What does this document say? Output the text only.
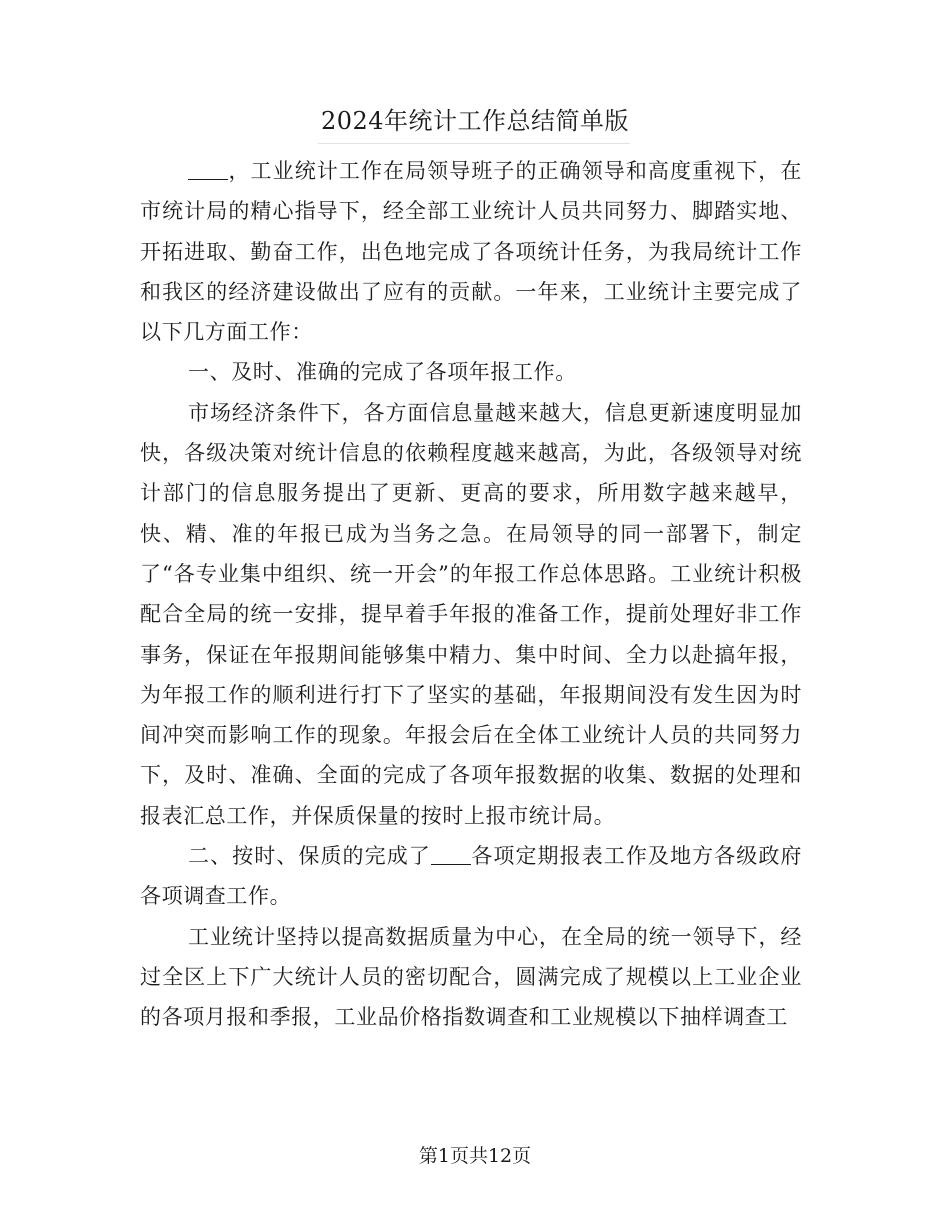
2024年统计工作总结简单版

，工业统计工作在局领导班子的正确领导和高度重视下，在市统计局的精心指导下，经全部工业统计人员共同努力、脚踏实地、开拓进取、勤奋工作，出色地完成了各项统计任务，为我局统计工作和我区的经济建设做出了应有的贡献。一年来，工业统计主要完成了以下几方面工作：

一、及时、准确的完成了各项年报工作。

市场经济条件下，各方面信息量越来越大，信息更新速度明显加快，各级决策对统计信息的依赖程度越来越高，为此，各级领导对统计部门的信息服务提出了更新、更高的要求，所用数字越来越早，快、精、准的年报已成为当务之急。在局领导的同一部署下，制定了“各专业集中组织、统一开会”的年报工作总体思路。工业统计积极配合全局的统一安排，提早着手年报的准备工作，提前处理好非工作事务，保证在年报期间能够集中精力、集中时间、全力以赴搞年报，为年报工作的顺利进行打下了坚实的基础，年报期间没有发生因为时间冲突而影响工作的现象。年报会后在全体工业统计人员的共同努力下，及时、准确、全面的完成了各项年报数据的收集、数据的处理和报表汇总工作，并保质保量的按时上报市统计局。

二、按时、保质的完成了 各项定期报表工作及地方各级政府各项调查工作。

工业统计坚持以提高数据质量为中心，在全局的统一领导下，经过全区上下广大统计人员的密切配合，圆满完成了规模以上工业企业的各项月报和季报，工业品价格指数调查和工业规模以下抽样调查工

第1页共12页
